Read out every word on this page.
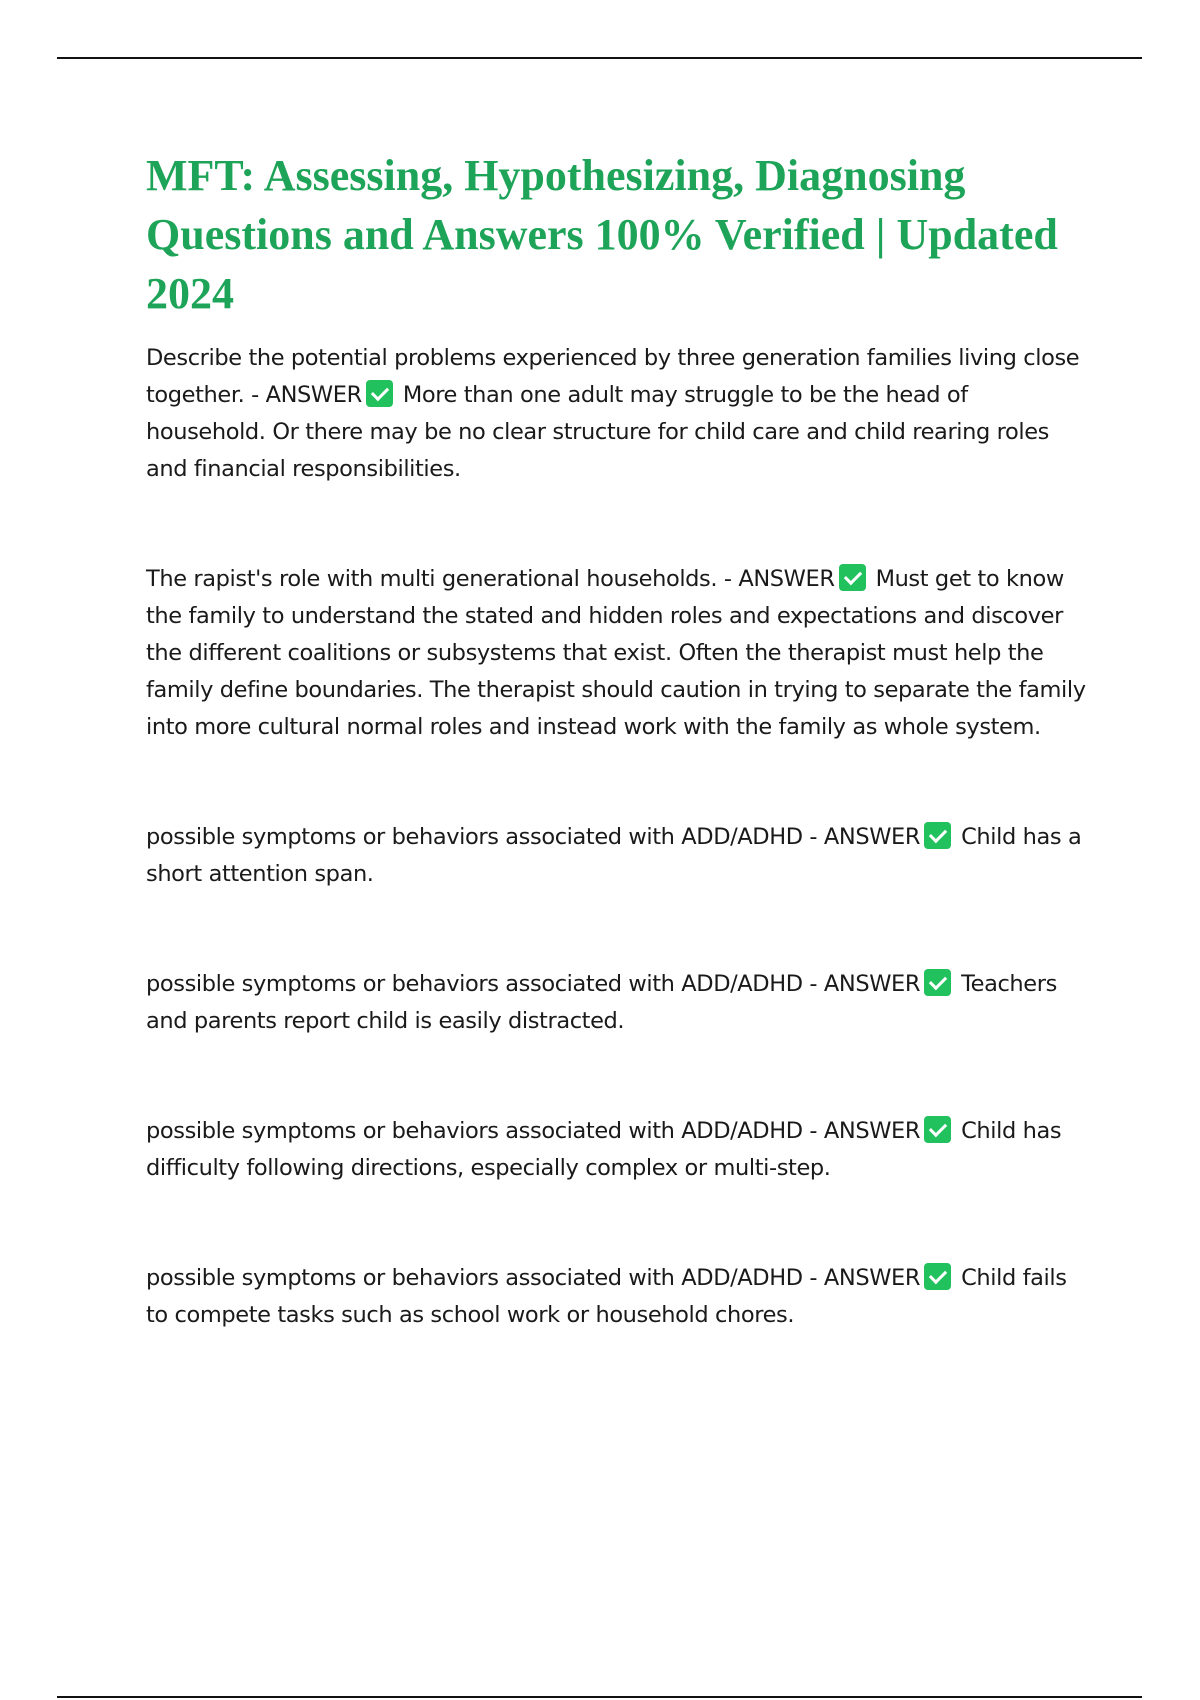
MFT: Assessing, Hypothesizing, Diagnosing Questions and Answers 100% Verified | Updated 2024

Describe the potential problems experienced by three generation families living close together. - ANSWER More than one adult may struggle to be the head of household. Or there may be no clear structure for child care and child rearing roles and financial responsibilities.

The rapist's role with multi generational households. - ANSWER Must get to know the family to understand the stated and hidden roles and expectations and discover the different coalitions or subsystems that exist. Often the therapist must help the family define boundaries. The therapist should caution in trying to separate the family into more cultural normal roles and instead work with the family as whole system.

possible symptoms or behaviors associated with ADD/ADHD - ANSWER Child has a short attention span.

possible symptoms or behaviors associated with ADD/ADHD - ANSWER Teachers and parents report child is easily distracted.

possible symptoms or behaviors associated with ADD/ADHD - ANSWER Child has difficulty following directions, especially complex or multi-step.

possible symptoms or behaviors associated with ADD/ADHD - ANSWER Child fails to compete tasks such as school work or household chores.
